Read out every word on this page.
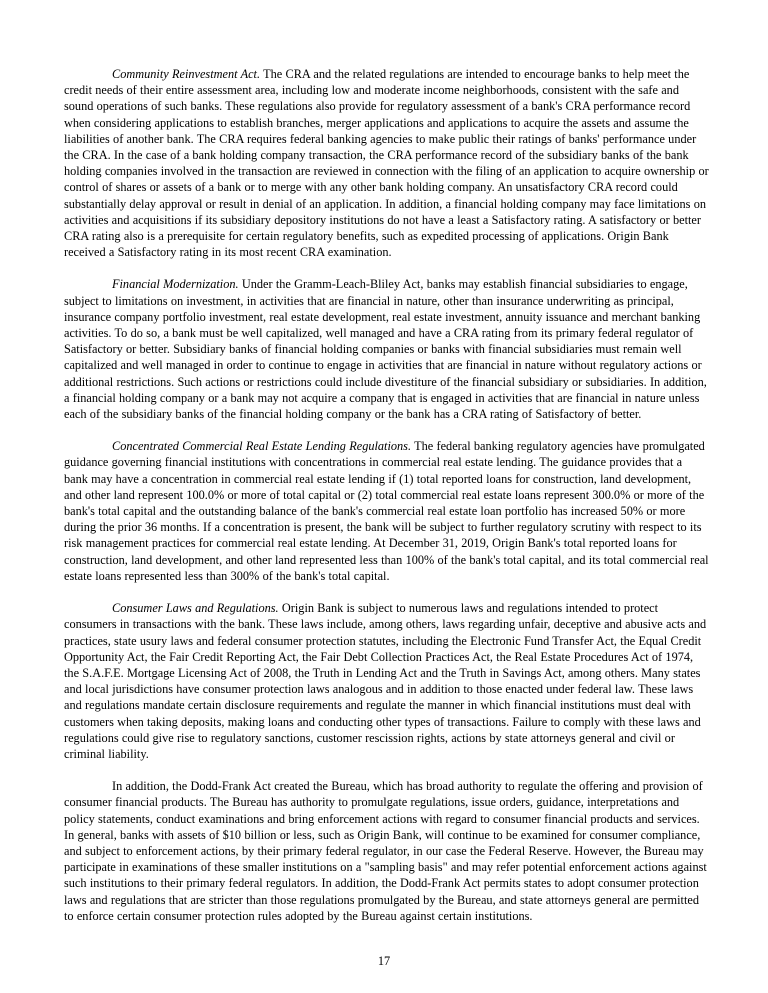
Community Reinvestment Act. The CRA and the related regulations are intended to encourage banks to help meet the credit needs of their entire assessment area, including low and moderate income neighborhoods, consistent with the safe and sound operations of such banks. These regulations also provide for regulatory assessment of a bank's CRA performance record when considering applications to establish branches, merger applications and applications to acquire the assets and assume the liabilities of another bank. The CRA requires federal banking agencies to make public their ratings of banks' performance under the CRA. In the case of a bank holding company transaction, the CRA performance record of the subsidiary banks of the bank holding companies involved in the transaction are reviewed in connection with the filing of an application to acquire ownership or control of shares or assets of a bank or to merge with any other bank holding company. An unsatisfactory CRA record could substantially delay approval or result in denial of an application. In addition, a financial holding company may face limitations on activities and acquisitions if its subsidiary depository institutions do not have a least a Satisfactory rating. A satisfactory or better CRA rating also is a prerequisite for certain regulatory benefits, such as expedited processing of applications. Origin Bank received a Satisfactory rating in its most recent CRA examination.

Financial Modernization. Under the Gramm-Leach-Bliley Act, banks may establish financial subsidiaries to engage, subject to limitations on investment, in activities that are financial in nature, other than insurance underwriting as principal, insurance company portfolio investment, real estate development, real estate investment, annuity issuance and merchant banking activities. To do so, a bank must be well capitalized, well managed and have a CRA rating from its primary federal regulator of Satisfactory or better. Subsidiary banks of financial holding companies or banks with financial subsidiaries must remain well capitalized and well managed in order to continue to engage in activities that are financial in nature without regulatory actions or additional restrictions. Such actions or restrictions could include divestiture of the financial subsidiary or subsidiaries. In addition, a financial holding company or a bank may not acquire a company that is engaged in activities that are financial in nature unless each of the subsidiary banks of the financial holding company or the bank has a CRA rating of Satisfactory of better.

Concentrated Commercial Real Estate Lending Regulations. The federal banking regulatory agencies have promulgated guidance governing financial institutions with concentrations in commercial real estate lending. The guidance provides that a bank may have a concentration in commercial real estate lending if (1) total reported loans for construction, land development, and other land represent 100.0% or more of total capital or (2) total commercial real estate loans represent 300.0% or more of the bank's total capital and the outstanding balance of the bank's commercial real estate loan portfolio has increased 50% or more during the prior 36 months. If a concentration is present, the bank will be subject to further regulatory scrutiny with respect to its risk management practices for commercial real estate lending. At December 31, 2019, Origin Bank's total reported loans for construction, land development, and other land represented less than 100% of the bank's total capital, and its total commercial real estate loans represented less than 300% of the bank's total capital.

Consumer Laws and Regulations. Origin Bank is subject to numerous laws and regulations intended to protect consumers in transactions with the bank. These laws include, among others, laws regarding unfair, deceptive and abusive acts and practices, state usury laws and federal consumer protection statutes, including the Electronic Fund Transfer Act, the Equal Credit Opportunity Act, the Fair Credit Reporting Act, the Fair Debt Collection Practices Act, the Real Estate Procedures Act of 1974, the S.A.F.E. Mortgage Licensing Act of 2008, the Truth in Lending Act and the Truth in Savings Act, among others. Many states and local jurisdictions have consumer protection laws analogous and in addition to those enacted under federal law. These laws and regulations mandate certain disclosure requirements and regulate the manner in which financial institutions must deal with customers when taking deposits, making loans and conducting other types of transactions. Failure to comply with these laws and regulations could give rise to regulatory sanctions, customer rescission rights, actions by state attorneys general and civil or criminal liability.

In addition, the Dodd-Frank Act created the Bureau, which has broad authority to regulate the offering and provision of consumer financial products. The Bureau has authority to promulgate regulations, issue orders, guidance, interpretations and policy statements, conduct examinations and bring enforcement actions with regard to consumer financial products and services. In general, banks with assets of $10 billion or less, such as Origin Bank, will continue to be examined for consumer compliance, and subject to enforcement actions, by their primary federal regulator, in our case the Federal Reserve. However, the Bureau may participate in examinations of these smaller institutions on a "sampling basis" and may refer potential enforcement actions against such institutions to their primary federal regulators. In addition, the Dodd-Frank Act permits states to adopt consumer protection laws and regulations that are stricter than those regulations promulgated by the Bureau, and state attorneys general are permitted to enforce certain consumer protection rules adopted by the Bureau against certain institutions.

17
